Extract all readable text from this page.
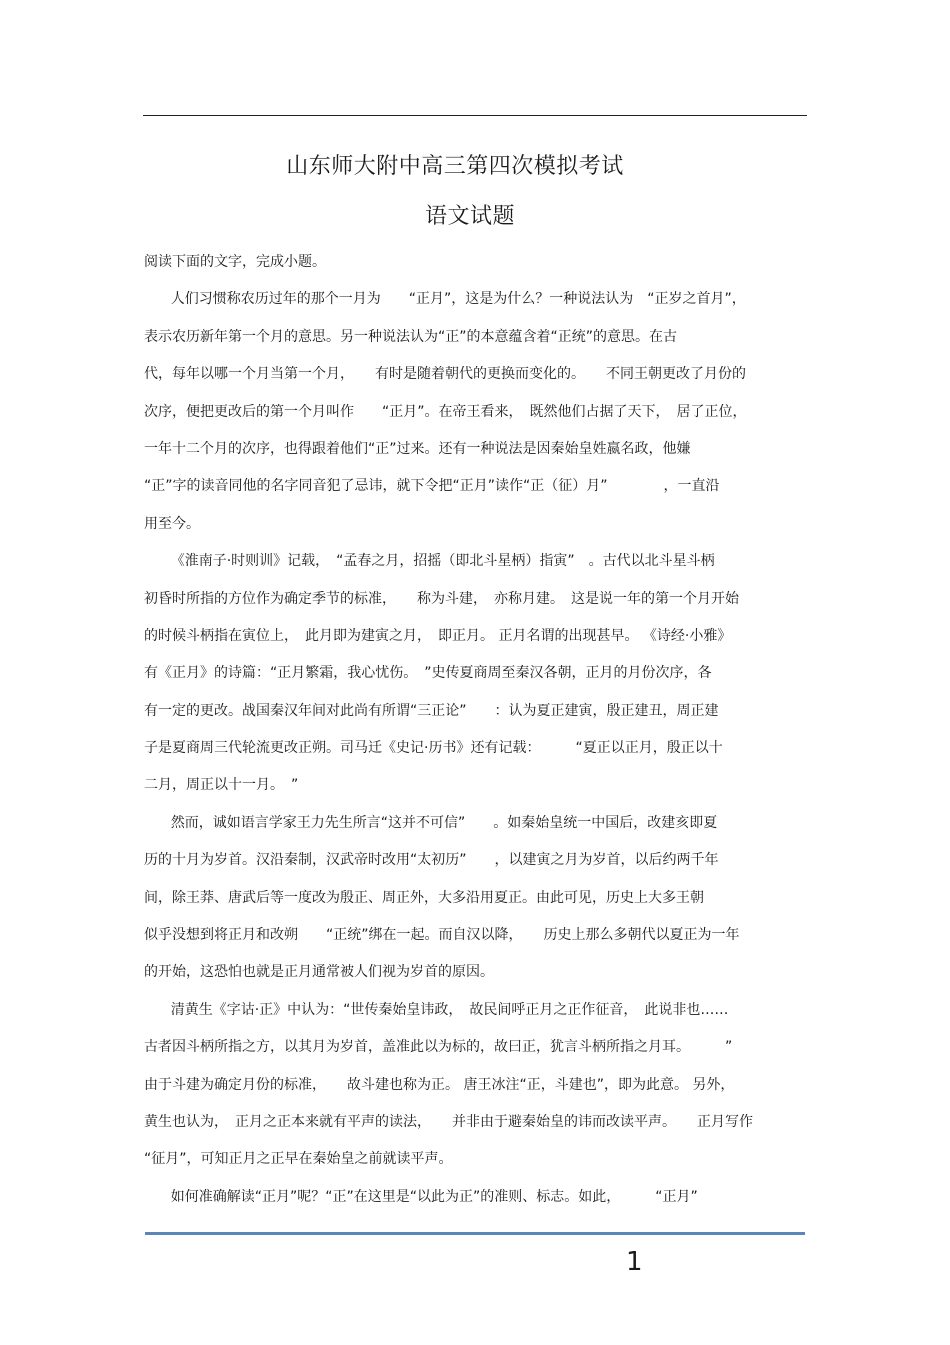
山东师大附中高三第四次模拟考试
语文试题
阅读下面的文字，完成小题。
人们习惯称农历过年的那个一月为　　“正月”，这是为什么？一种说法认为　“正岁之首月”，
表示农历新年第一个月的意思。另一种说法认为“正”的本意蕴含着“正统”的意思。在古
代，每年以哪一个月当第一个月，　　有时是随着朝代的更换而变化的。　　不同王朝更改了月份的
次序，便把更改后的第一个月叫作　　“正月”。在帝王看来，　既然他们占据了天下，　居了正位，
一年十二个月的次序，也得跟着他们“正”过来。还有一种说法是因秦始皇姓嬴名政，他嫌
“正”字的读音同他的名字同音犯了忌讳，就下令把“正月”读作“正（征）月”　　　　，一直沿
用至今。
《淮南子·时则训》记载，　“孟春之月，招摇（即北斗星柄）指寅”　。古代以北斗星斗柄
初昏时所指的方位作为确定季节的标准，　　称为斗建，　亦称月建。　这是说一年的第一个月开始
的时候斗柄指在寅位上，　此月即为建寅之月，　即正月。 正月名谓的出现甚早。 《诗经·小雅》
有《正月》的诗篇：“正月繁霜，我心忧伤。　”史传夏商周至秦汉各朝，正月的月份次序，各
有一定的更改。战国秦汉年间对此尚有所谓“三正论”　　：认为夏正建寅，殷正建丑，周正建
子是夏商周三代轮流更改正朔。司马迁《史记·历书》还有记载：　　　“夏正以正月，殷正以十
二月，周正以十一月。　”
然而，诚如语言学家王力先生所言“这并不可信”　　。如秦始皇统一中国后，改建亥即夏
历的十月为岁首。汉沿秦制，汉武帝时改用“太初历”　　，以建寅之月为岁首，以后约两千年
间，除王莽、唐武后等一度改为殷正、周正外，大多沿用夏正。由此可见，历史上大多王朝
似乎没想到将正月和改朔　　“正统”绑在一起。而自汉以降，　　历史上那么多朝代以夏正为一年
的开始，这恐怕也就是正月通常被人们视为岁首的原因。
清黄生《字诂·正》中认为：“世传秦始皇讳政，　故民间呼正月之正作征音，　此说非也……
古者因斗柄所指之方，以其月为岁首，盖准此以为标的，故曰正，犹言斗柄所指之月耳。　　　”
由于斗建为确定月份的标准，　　故斗建也称为正。 唐王冰注“正，斗建也”，即为此意。 另外，
黄生也认为，　正月之正本来就有平声的读法，　　并非由于避秦始皇的讳而改读平声。　　正月写作
“征月”，可知正月之正早在秦始皇之前就读平声。
如何准确解读“正月”呢？“正”在这里是“以此为正”的准则、标志。如此，　　　“正月”
1
